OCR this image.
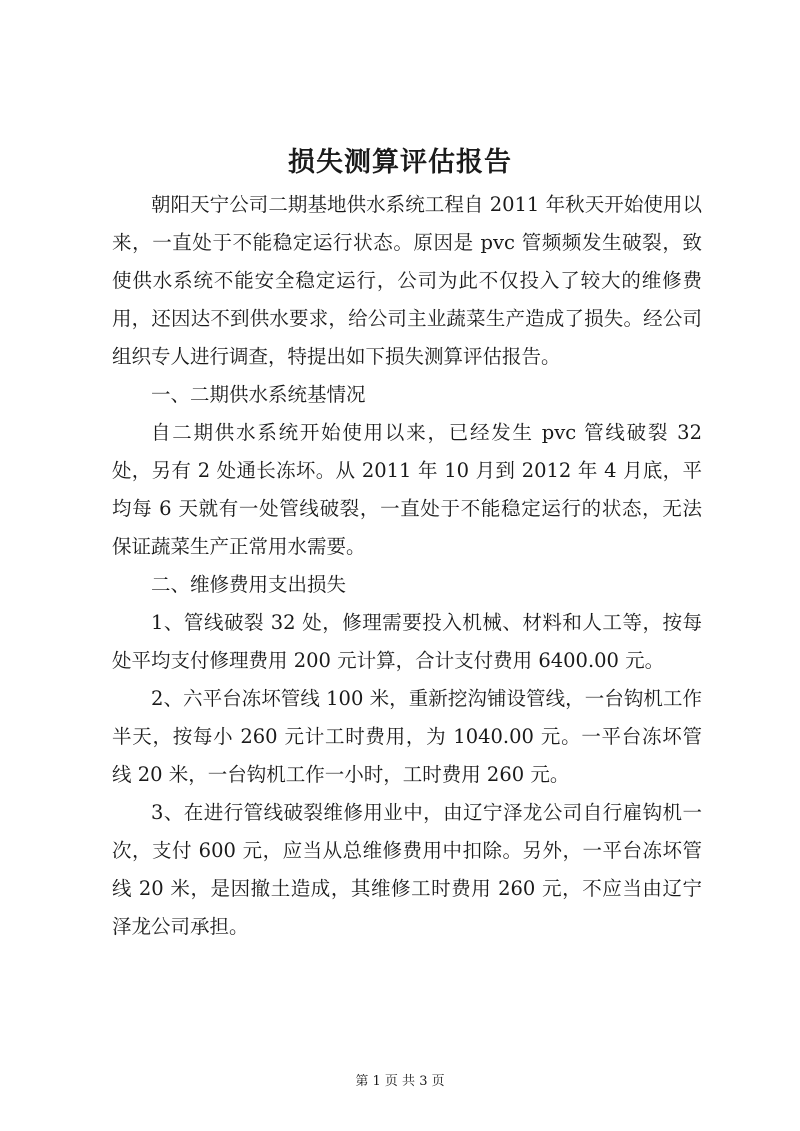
损失测算评估报告

朝阳天宁公司二期基地供水系统工程自 2011 年秋天开始使用以来，一直处于不能稳定运行状态。原因是 pvc 管频频发生破裂，致使供水系统不能安全稳定运行，公司为此不仅投入了较大的维修费用，还因达不到供水要求，给公司主业蔬菜生产造成了损失。经公司组织专人进行调查，特提出如下损失测算评估报告。

一、二期供水系统基情况

自二期供水系统开始使用以来，已经发生 pvc 管线破裂 32 处，另有 2 处通长冻坏。从 2011 年 10 月到 2012 年 4 月底，平均每 6 天就有一处管线破裂，一直处于不能稳定运行的状态，无法保证蔬菜生产正常用水需要。

二、维修费用支出损失

1、管线破裂 32 处，修理需要投入机械、材料和人工等，按每处平均支付修理费用 200 元计算，合计支付费用 6400.00 元。

2、六平台冻坏管线 100 米，重新挖沟铺设管线，一台钩机工作半天，按每小 260 元计工时费用，为 1040.00 元。一平台冻坏管线 20 米，一台钩机工作一小时，工时费用 260 元。

3、在进行管线破裂维修用业中，由辽宁泽龙公司自行雇钩机一次，支付 600 元，应当从总维修费用中扣除。另外，一平台冻坏管线 20 米，是因撤土造成，其维修工时费用 260 元，不应当由辽宁泽龙公司承担。

第 1 页 共 3 页
